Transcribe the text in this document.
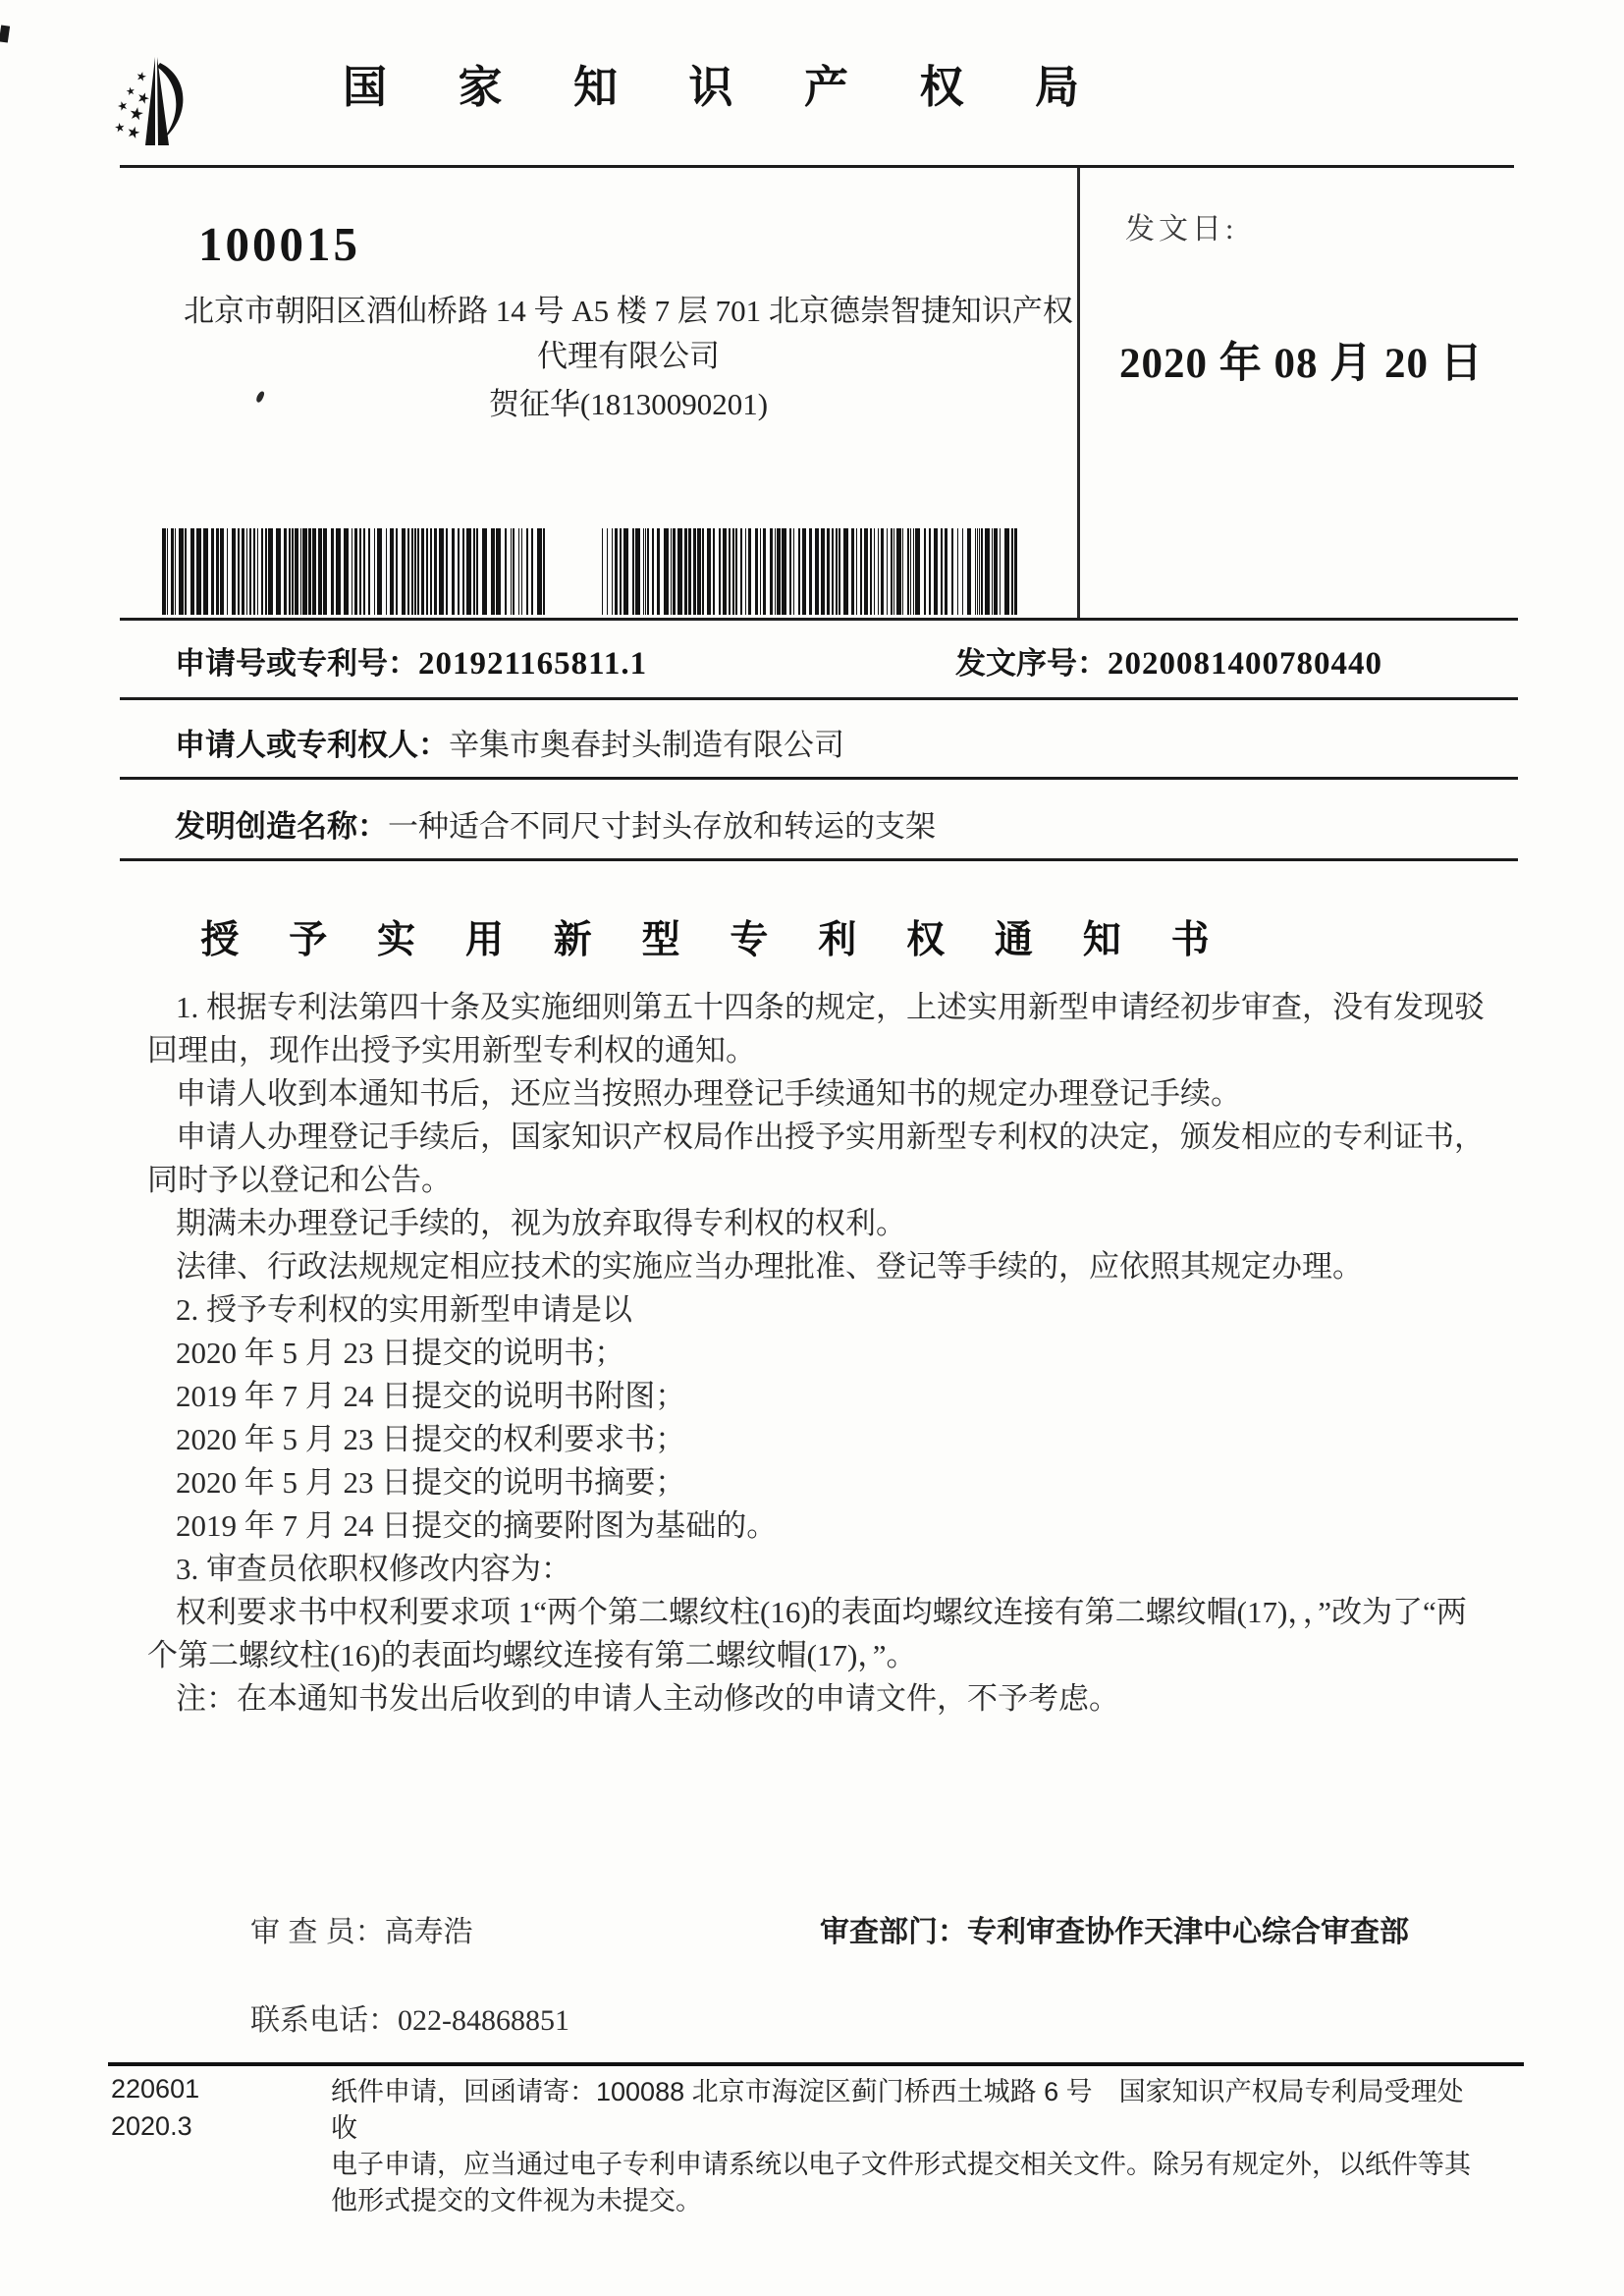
国 家 知 识 产 权 局
100015
北京市朝阳区酒仙桥路 14 号 A5 楼 7 层 701 北京德崇智捷知识产权代理有限公司
贺征华(18130090201)
发文日:
2020 年 08 月 20 日
申请号或专利号：201921165811.1	发文序号：2020081400780440
申请人或专利权人：辛集市奥春封头制造有限公司
发明创造名称：一种适合不同尺寸封头存放和转运的支架
授 予 实 用 新 型 专 利 权 通 知 书

1. 根据专利法第四十条及实施细则第五十四条的规定，上述实用新型申请经初步审查，没有发现驳回理由，现作出授予实用新型专利权的通知。

申请人收到本通知书后，还应当按照办理登记手续通知书的规定办理登记手续。

申请人办理登记手续后，国家知识产权局作出授予实用新型专利权的决定，颁发相应的专利证书，同时予以登记和公告。

期满未办理登记手续的，视为放弃取得专利权的权利。

法律、行政法规规定相应技术的实施应当办理批准、登记等手续的，应依照其规定办理。

2. 授予专利权的实用新型申请是以

2020 年 5 月 23 日提交的说明书；

2019 年 7 月 24 日提交的说明书附图；

2020 年 5 月 23 日提交的权利要求书；

2020 年 5 月 23 日提交的说明书摘要；

2019 年 7 月 24 日提交的摘要附图为基础的。

3. 审查员依职权修改内容为：

权利要求书中权利要求项 1“两个第二螺纹柱(16)的表面均螺纹连接有第二螺纹帽(17)，，”改为了“两个第二螺纹柱(16)的表面均螺纹连接有第二螺纹帽(17)，”。

注：在本通知书发出后收到的申请人主动修改的申请文件，不予考虑。

审 查 员：高寿浩	审查部门：专利审查协作天津中心综合审查部
联系电话：022-84868851
220601
2020.3

纸件申请，回函请寄：100088 北京市海淀区蓟门桥西土城路 6 号　国家知识产权局专利局受理处收

电子申请，应当通过电子专利申请系统以电子文件形式提交相关文件。除另有规定外，以纸件等其他形式提交的文件视为未提交。
